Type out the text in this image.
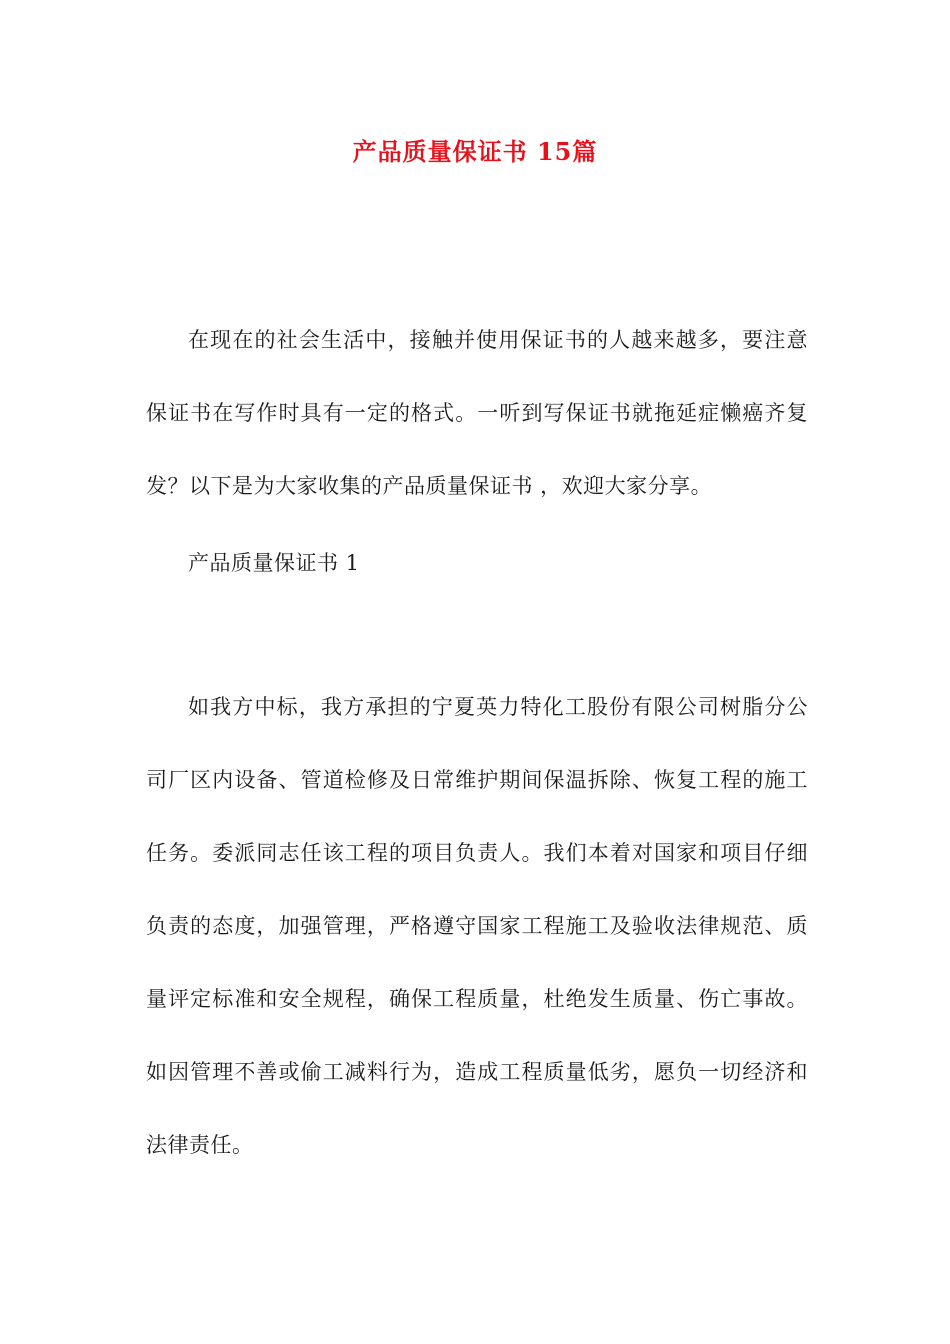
产品质量保证书 15篇

在现在的社会生活中，接触并使用保证书的人越来越多，要注意保证书在写作时具有一定的格式。一听到写保证书就拖延症懒癌齐复发？以下是为大家收集的产品质量保证书 ，欢迎大家分享。

产品质量保证书 1

如我方中标，我方承担的宁夏英力特化工股份有限公司树脂分公司厂区内设备、管道检修及日常维护期间保温拆除、恢复工程的施工任务。委派同志任该工程的项目负责人。我们本着对国家和项目仔细负责的态度，加强管理，严格遵守国家工程施工及验收法律规范、质量评定标准和安全规程，确保工程质量，杜绝发生质量、伤亡事故。如因管理不善或偷工减料行为，造成工程质量低劣，愿负一切经济和法律责任。
